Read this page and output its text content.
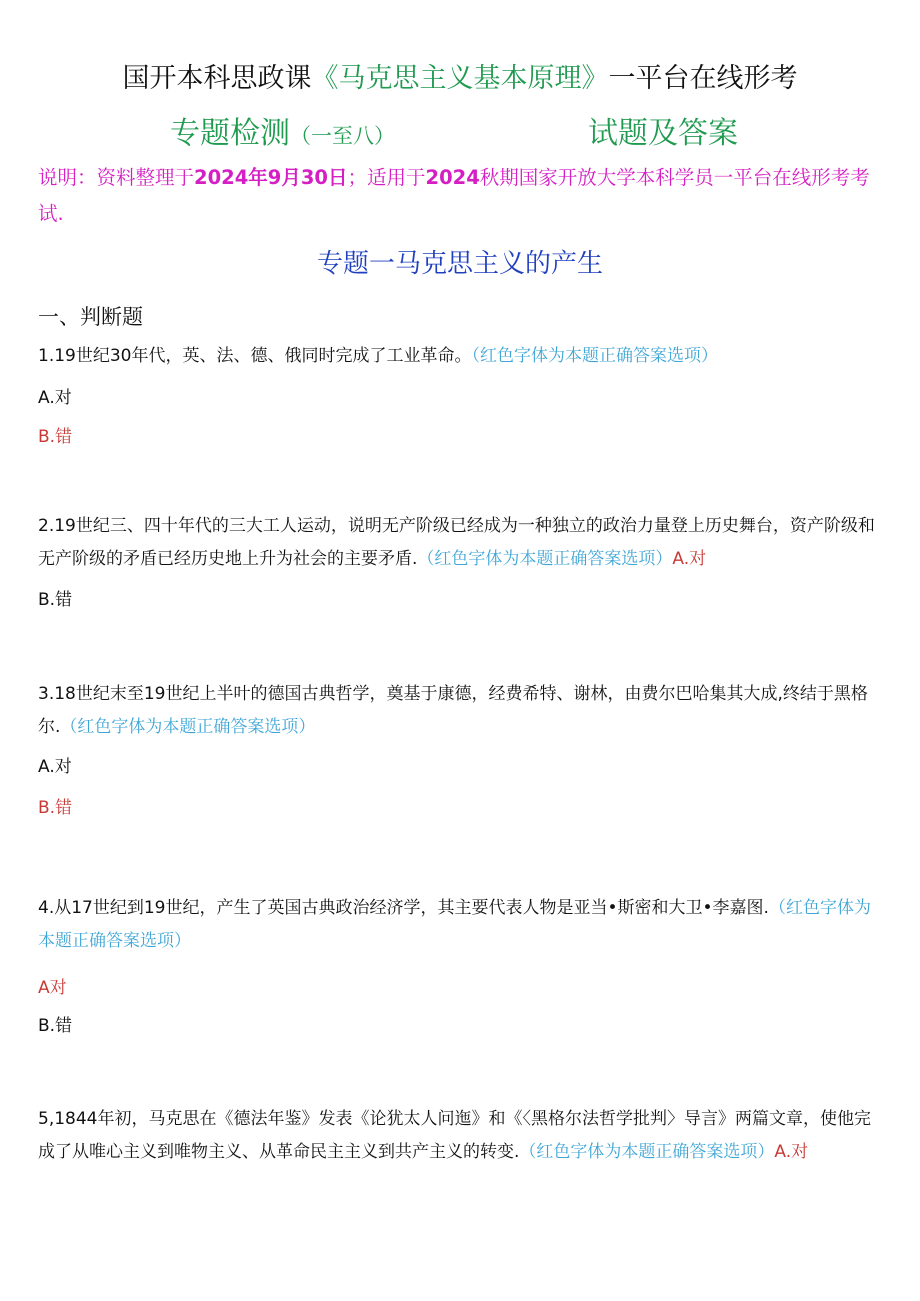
国开本科思政课《马克思主义基本原理》一平台在线形考
专题检测（一至八）	试题及答案
说明：资料整理于2024年9月30日；适用于2024秋期国家开放大学本科学员一平台在线形考考试.
专题一马克思主义的产生
一、判断题
1.19世纪30年代，英、法、德、俄同时完成了工业革命。（红色字体为本题正确答案选项）
A.对
B.错
2.19世纪三、四十年代的三大工人运动，说明无产阶级已经成为一种独立的政治力量登上历史舞台，资产阶级和无产阶级的矛盾已经历史地上升为社会的主要矛盾.（红色字体为本题正确答案选项）A.对
B.错
3.18世纪末至19世纪上半叶的德国古典哲学，奠基于康德，经费希特、谢林，由费尔巴哈集其大成,终结于黑格尔.（红色字体为本题正确答案选项）
A.对
B.错
4.从17世纪到19世纪，产生了英国古典政治经济学，其主要代表人物是亚当•斯密和大卫•李嘉图.（红色字体为本题正确答案选项）
A对
B.错
5,1844年初，马克思在《德法年鉴》发表《论犹太人问迤》和《〈黑格尔法哲学批判〉导言》两篇文章，使他完成了从唯心主义到唯物主义、从革命民主主义到共产主义的转变.（红色字体为本题正确答案选项）A.对
